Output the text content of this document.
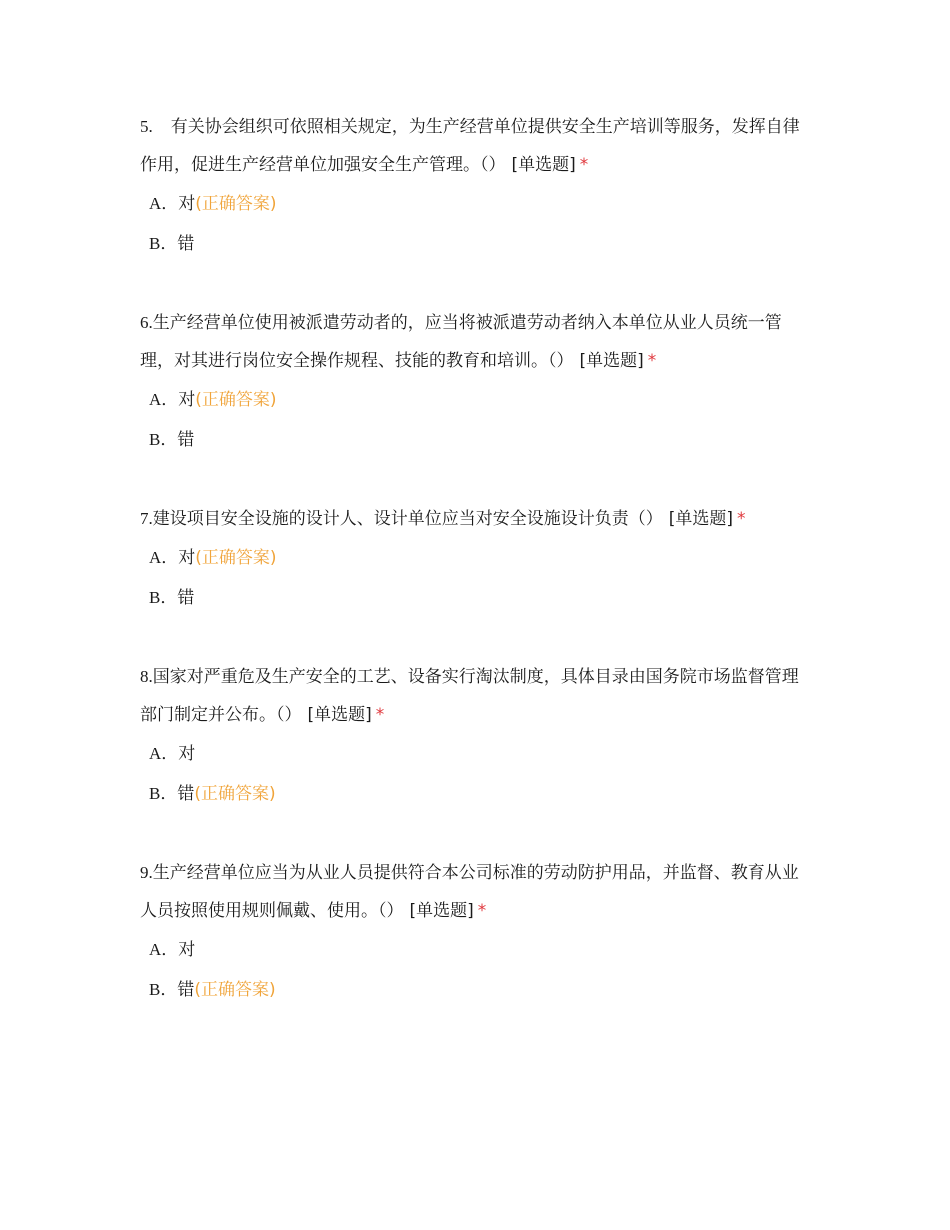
5. 有关协会组织可依照相关规定，为生产经营单位提供安全生产培训等服务，发挥自律作用，促进生产经营单位加强安全生产管理。（） [单选题] *

A．对(正确答案)

B．错

6.生产经营单位使用被派遣劳动者的，应当将被派遣劳动者纳入本单位从业人员统一管理，对其进行岗位安全操作规程、技能的教育和培训。（） [单选题] *

A．对(正确答案)

B．错

7.建设项目安全设施的设计人、设计单位应当对安全设施设计负责（） [单选题] *

A．对(正确答案)

B．错

8.国家对严重危及生产安全的工艺、设备实行淘汰制度，具体目录由国务院市场监督管理部门制定并公布。（） [单选题] *

A．对

B．错(正确答案)

9.生产经营单位应当为从业人员提供符合本公司标准的劳动防护用品，并监督、教育从业人员按照使用规则佩戴、使用。（） [单选题] *

A．对

B．错(正确答案)
